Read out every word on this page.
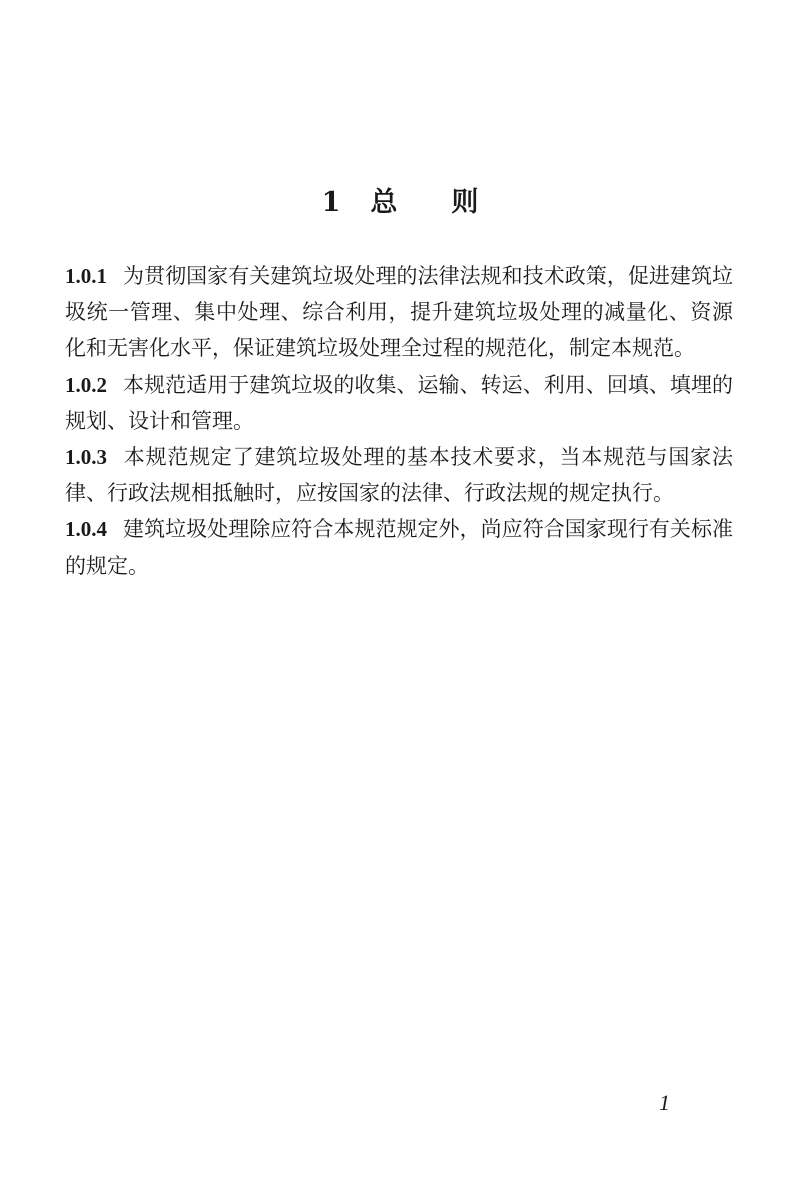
1 总 则

1.0.1 为贯彻国家有关建筑垃圾处理的法律法规和技术政策，促进建筑垃圾统一管理、集中处理、综合利用，提升建筑垃圾处理的减量化、资源化和无害化水平，保证建筑垃圾处理全过程的规范化，制定本规范。

1.0.2 本规范适用于建筑垃圾的收集、运输、转运、利用、回填、填埋的规划、设计和管理。

1.0.3 本规范规定了建筑垃圾处理的基本技术要求，当本规范与国家法律、行政法规相抵触时，应按国家的法律、行政法规的规定执行。

1.0.4 建筑垃圾处理除应符合本规范规定外，尚应符合国家现行有关标准的规定。

1
